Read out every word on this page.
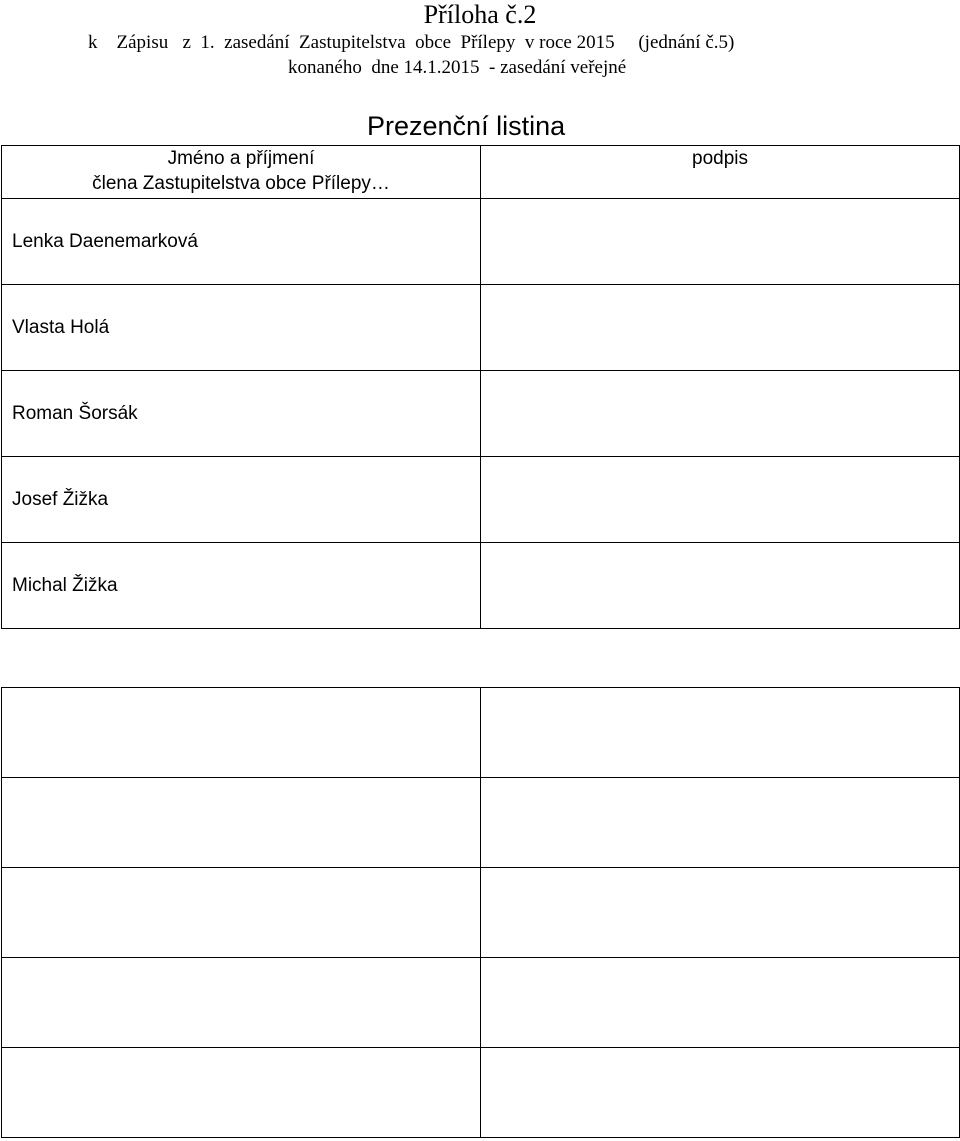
Příloha č.2
k    Zápisu   z  1.  zasedání  Zastupitelstva  obce  Přílepy  v roce 2015     (jednání č.5)
konaného  dne 14.1.2015  - zasedání veřejné
Prezenční listina
Jméno a příjmení
člena Zastupitelstva obce Přílepy…	podpis

Lenka Daenemarková	
Vlasta Holá	
Roman Šorsák	
Josef Žižka	
Michal Žižka	
